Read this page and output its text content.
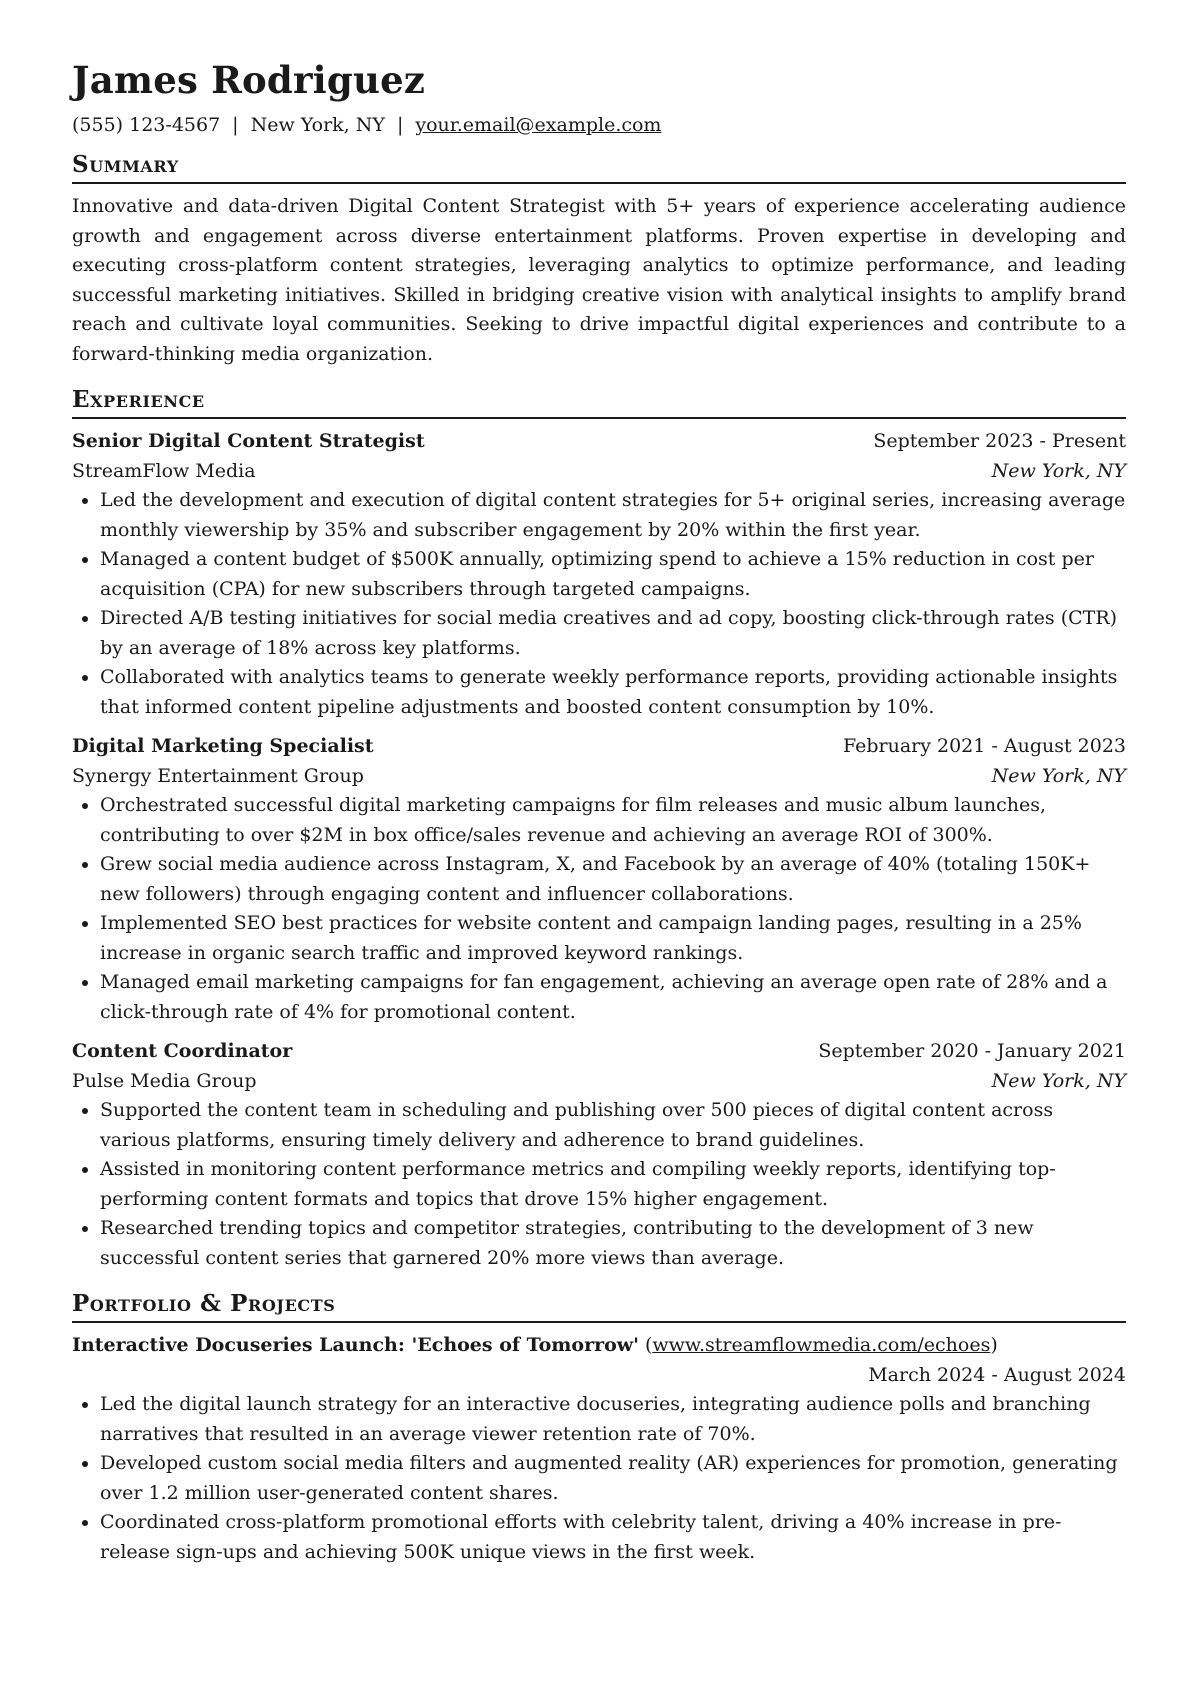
James Rodriguez
(555) 123-4567 | New York, NY | your.email@example.com
Summary

Innovative and data-driven Digital Content Strategist with 5+ years of experience accelerating audience growth and engagement across diverse entertainment platforms. Proven expertise in developing and executing cross-platform content strategies, leveraging analytics to optimize performance, and leading successful marketing initiatives. Skilled in bridging creative vision with analytical insights to amplify brand reach and cultivate loyal communities. Seeking to drive impactful digital experiences and contribute to a forward-thinking media organization.

Experience
Senior Digital Content Strategist	September 2023 - Present
StreamFlow Media	New York, NY
• Led the development and execution of digital content strategies for 5+ original series, increasing average monthly viewership by 35% and subscriber engagement by 20% within the first year.
• Managed a content budget of $500K annually, optimizing spend to achieve a 15% reduction in cost per acquisition (CPA) for new subscribers through targeted campaigns.
• Directed A/B testing initiatives for social media creatives and ad copy, boosting click-through rates (CTR) by an average of 18% across key platforms.
• Collaborated with analytics teams to generate weekly performance reports, providing actionable insights that informed content pipeline adjustments and boosted content consumption by 10%.
Digital Marketing Specialist	February 2021 - August 2023
Synergy Entertainment Group	New York, NY
• Orchestrated successful digital marketing campaigns for film releases and music album launches, contributing to over $2M in box office/sales revenue and achieving an average ROI of 300%.
• Grew social media audience across Instagram, X, and Facebook by an average of 40% (totaling 150K+ new followers) through engaging content and influencer collaborations.
• Implemented SEO best practices for website content and campaign landing pages, resulting in a 25% increase in organic search traffic and improved keyword rankings.
• Managed email marketing campaigns for fan engagement, achieving an average open rate of 28% and a click-through rate of 4% for promotional content.
Content Coordinator	September 2020 - January 2021
Pulse Media Group	New York, NY
• Supported the content team in scheduling and publishing over 500 pieces of digital content across various platforms, ensuring timely delivery and adherence to brand guidelines.
• Assisted in monitoring content performance metrics and compiling weekly reports, identifying top-performing content formats and topics that drove 15% higher engagement.
• Researched trending topics and competitor strategies, contributing to the development of 3 new successful content series that garnered 20% more views than average.
Portfolio & Projects
Interactive Docuseries Launch: 'Echoes of Tomorrow' (www.streamflowmedia.com/echoes)
March 2024 - August 2024
• Led the digital launch strategy for an interactive docuseries, integrating audience polls and branching narratives that resulted in an average viewer retention rate of 70%.
• Developed custom social media filters and augmented reality (AR) experiences for promotion, generating over 1.2 million user-generated content shares.
• Coordinated cross-platform promotional efforts with celebrity talent, driving a 40% increase in pre-release sign-ups and achieving 500K unique views in the first week.
